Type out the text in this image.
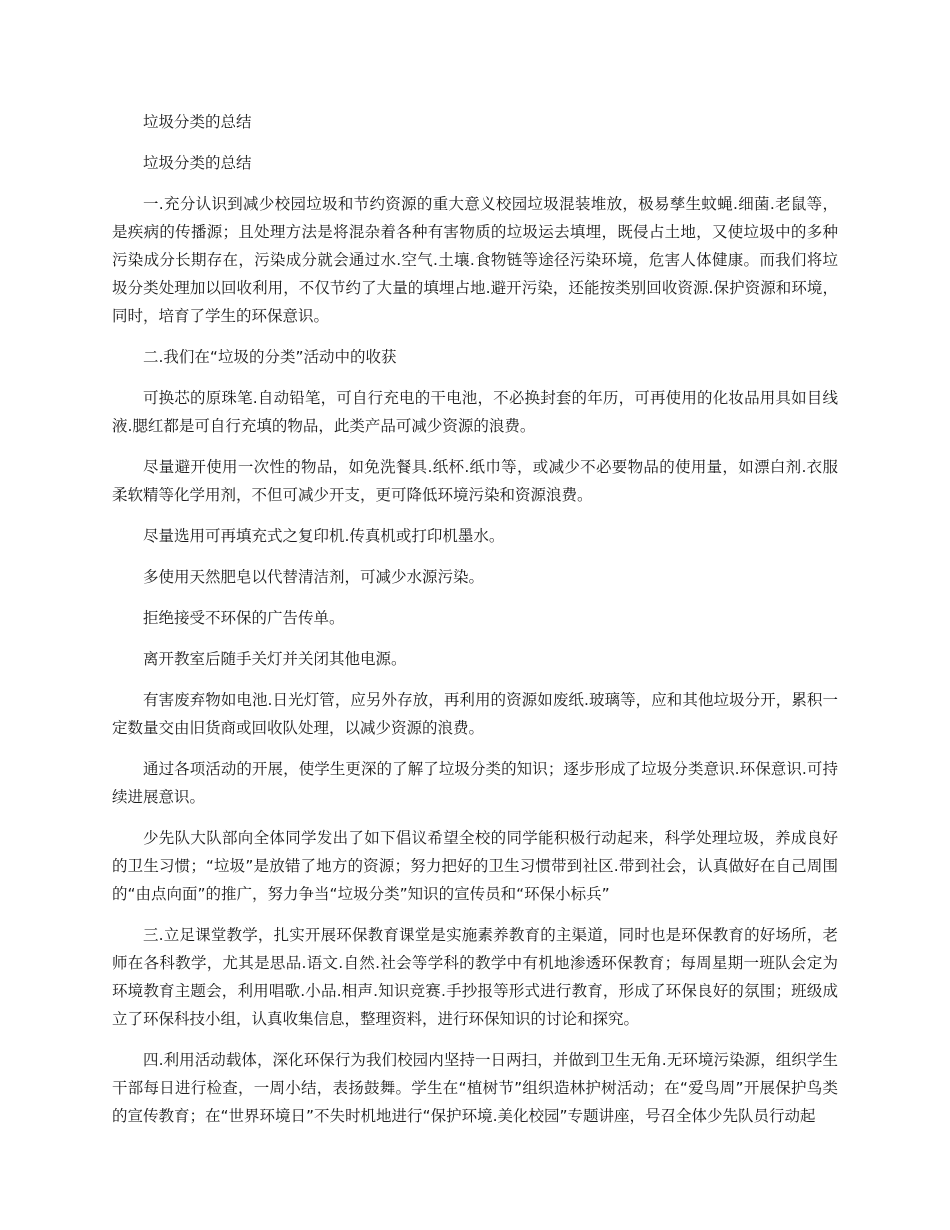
垃圾分类的总结

垃圾分类的总结

一.充分认识到减少校园垃圾和节约资源的重大意义校园垃圾混装堆放，极易孳生蚊蝇.细菌.老鼠等，是疾病的传播源；且处理方法是将混杂着各种有害物质的垃圾运去填埋，既侵占土地，又使垃圾中的多种污染成分长期存在，污染成分就会通过水.空气.土壤.食物链等途径污染环境，危害人体健康。而我们将垃圾分类处理加以回收利用，不仅节约了大量的填埋占地.避开污染，还能按类别回收资源.保护资源和环境，同时，培育了学生的环保意识。

二.我们在“垃圾的分类”活动中的收获

可换芯的原珠笔.自动铅笔，可自行充电的干电池，不必换封套的年历，可再使用的化妆品用具如目线液.腮红都是可自行充填的物品，此类产品可减少资源的浪费。

尽量避开使用一次性的物品，如免洗餐具.纸杯.纸巾等，或减少不必要物品的使用量，如漂白剂.衣服柔软精等化学用剂，不但可减少开支，更可降低环境污染和资源浪费。

尽量选用可再填充式之复印机.传真机或打印机墨水。

多使用天然肥皂以代替清洁剂，可减少水源污染。

拒绝接受不环保的广告传单。

离开教室后随手关灯并关闭其他电源。

有害废弃物如电池.日光灯管，应另外存放，再利用的资源如废纸.玻璃等，应和其他垃圾分开，累积一定数量交由旧货商或回收队处理，以减少资源的浪费。

通过各项活动的开展，使学生更深的了解了垃圾分类的知识；逐步形成了垃圾分类意识.环保意识.可持续进展意识。

少先队大队部向全体同学发出了如下倡议希望全校的同学能积极行动起来，科学处理垃圾，养成良好的卫生习惯；“垃圾”是放错了地方的资源；努力把好的卫生习惯带到社区.带到社会，认真做好在自己周围的“由点向面”的推广，努力争当“垃圾分类”知识的宣传员和“环保小标兵”

三.立足课堂教学，扎实开展环保教育课堂是实施素养教育的主渠道，同时也是环保教育的好场所，老师在各科教学，尤其是思品.语文.自然.社会等学科的教学中有机地渗透环保教育；每周星期一班队会定为环境教育主题会，利用唱歌.小品.相声.知识竞赛.手抄报等形式进行教育，形成了环保良好的氛围；班级成立了环保科技小组，认真收集信息，整理资料，进行环保知识的讨论和探究。

四.利用活动载体，深化环保行为我们校园内坚持一日两扫，并做到卫生无角.无环境污染源，组织学生干部每日进行检查，一周小结，表扬鼓舞。学生在“植树节”组织造林护树活动；在“爱鸟周”开展保护鸟类的宣传教育；在“世界环境日”不失时机地进行“保护环境.美化校园”专题讲座，号召全体少先队员行动起
